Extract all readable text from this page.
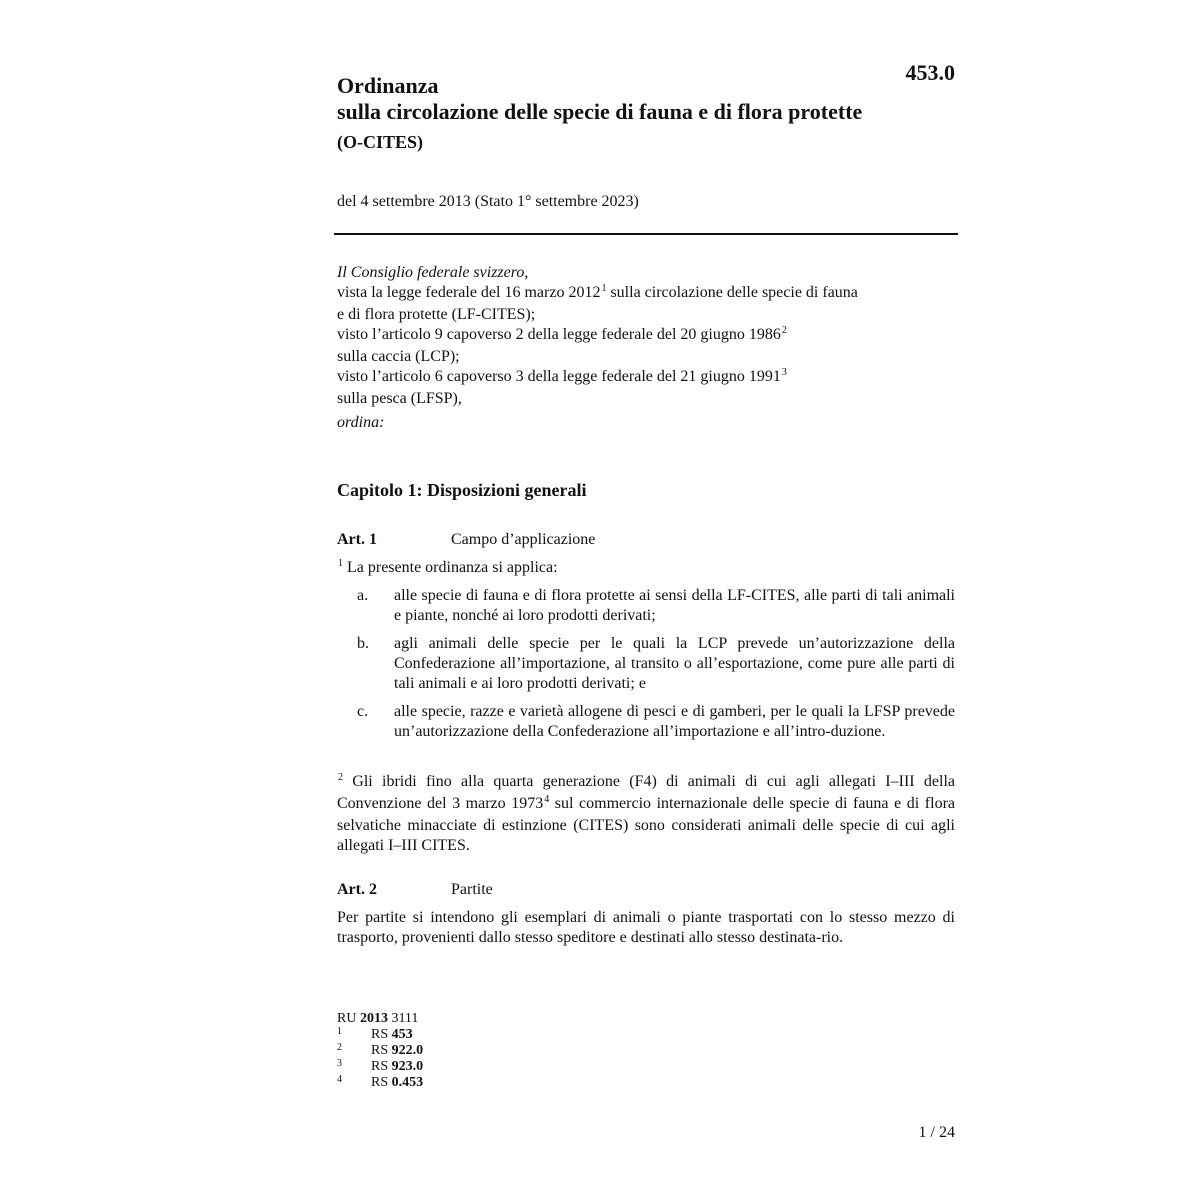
453.0
Ordinanza
sulla circolazione delle specie di fauna e di flora protette
(O-CITES)
del 4 settembre 2013 (Stato 1° settembre 2023)
Il Consiglio federale svizzero,
vista la legge federale del 16 marzo 2012$^1$ sulla circolazione delle specie di fauna
e di flora protette (LF-CITES);
visto l’articolo 9 capoverso 2 della legge federale del 20 giugno 1986$^2$
sulla caccia (LCP);
visto l’articolo 6 capoverso 3 della legge federale del 21 giugno 1991$^3$
sulla pesca (LFSP),
ordina:
Capitolo 1: Disposizioni generali
Art. 1	Campo d’applicazione
$^1$ La presente ordinanza si applica:
a.	alle specie di fauna e di flora protette ai sensi della LF-CITES, alle parti di tali animali e piante, nonché ai loro prodotti derivati;
b.	agli animali delle specie per le quali la LCP prevede un’autorizzazione della Confederazione all’importazione, al transito o all’esportazione, come pure alle parti di tali animali e ai loro prodotti derivati; e
c.	alle specie, razze e varietà allogene di pesci e di gamberi, per le quali la LFSP prevede un’autorizzazione della Confederazione all’importazione e all’intro-duzione.
$^2$ Gli ibridi fino alla quarta generazione (F4) di animali di cui agli allegati I–III della Convenzione del 3 marzo 1973$^4$ sul commercio internazionale delle specie di fauna e di flora selvatiche minacciate di estinzione (CITES) sono considerati animali delle specie di cui agli allegati I–III CITES.
Art. 2	Partite
Per partite si intendono gli esemplari di animali o piante trasportati con lo stesso mezzo di trasporto, provenienti dallo stesso speditore e destinati allo stesso destinata-rio.
RU 2013 3111
1	RS 453
2	RS 922.0
3	RS 923.0
4	RS 0.453
1 / 24
